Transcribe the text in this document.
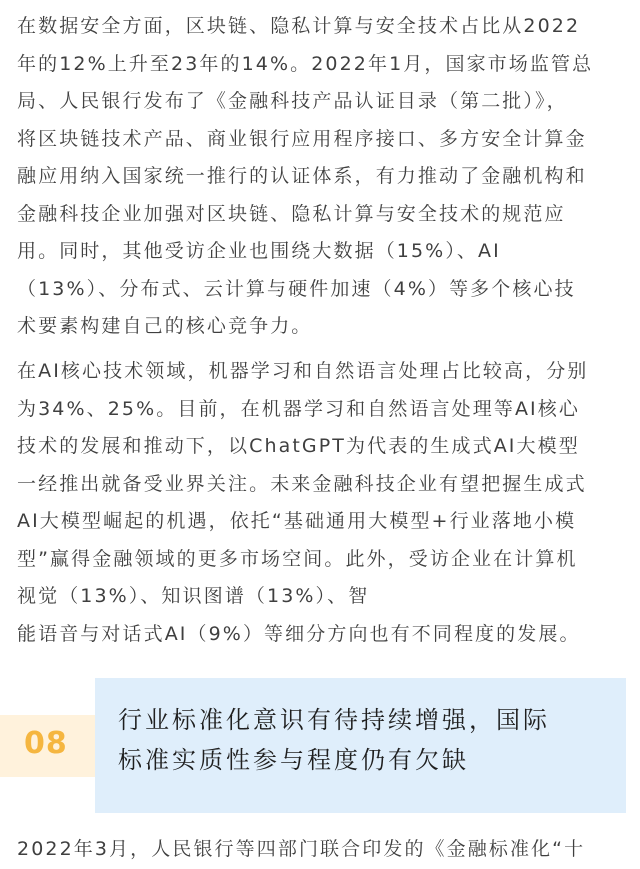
在数据安全方面，区块链、隐私计算与安全技术占比从2022
年的12%上升至23年的14%。2022年1月，国家市场监管总
局、人民银行发布了《金融科技产品认证目录（第二批）》，
将区块链技术产品、商业银行应用程序接口、多方安全计算金
融应用纳入国家统一推行的认证体系，有力推动了金融机构和
金融科技企业加强对区块链、隐私计算与安全技术的规范应
用。同时，其他受访企业也围绕大数据（15%）、AI
（13%）、分布式、云计算与硬件加速（4%）等多个核心技
术要素构建自己的核心竞争力。

在AI核心技术领域，机器学习和自然语言处理占比较高，分别
为34%、25%。目前，在机器学习和自然语言处理等AI核心
技术的发展和推动下，以ChatGPT为代表的生成式AI大模型
一经推出就备受业界关注。未来金融科技企业有望把握生成式
AI大模型崛起的机遇，依托“基础通用大模型+行业落地小模
型”赢得金融领域的更多市场空间。此外，受访企业在计算机
视觉（13%）、知识图谱（13%）、智
能语音与对话式AI（9%）等细分方向也有不同程度的发展。

08
行业标准化意识有待持续增强，国际
标准实质性参与程度仍有欠缺

2022年3月，人民银行等四部门联合印发的《金融标准化“十
